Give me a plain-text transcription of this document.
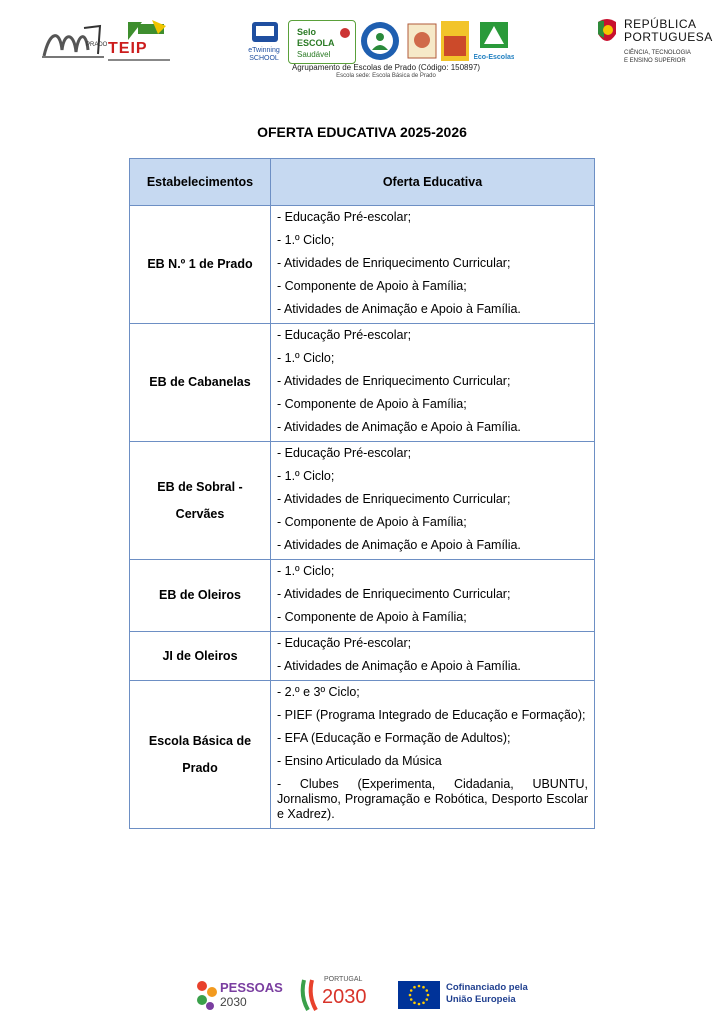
PRADO TEIP	eTwinning
SCHOOL
Selo
ESCOLA
Saudável	Eco-Escolas
Agrupamento de Escolas de Prado (Código: 150897)
Escola sede: Escola Básica de Prado
REPÚBLICA
PORTUGUESA
CIÊNCIA, TECNOLOGIA
E ENSINO SUPERIOR
OFERTA EDUCATIVA 2025-2026
Estabelecimentos	Oferta Educativa
EB N.º 1 de Prado	- Educação Pré-escolar;
- 1.º Ciclo;
- Atividades de Enriquecimento Curricular;
- Componente de Apoio à Família;
- Atividades de Animação e Apoio à Família.

EB de Cabanelas	- Educação Pré-escolar;
- 1.º Ciclo;
- Atividades de Enriquecimento Curricular;
- Componente de Apoio à Família;
- Atividades de Animação e Apoio à Família.

EB de Sobral - Cervães	- Educação Pré-escolar;
- 1.º Ciclo;
- Atividades de Enriquecimento Curricular;
- Componente de Apoio à Família;
- Atividades de Animação e Apoio à Família.

EB de Oleiros	- 1.º Ciclo;
- Atividades de Enriquecimento Curricular;
- Componente de Apoio à Família;

JI de Oleiros	- Educação Pré-escolar;
- Atividades de Animação e Apoio à Família.

Escola Básica de Prado	- 2.º e 3º Ciclo;
- PIEF (Programa Integrado de Educação e Formação);
- EFA (Educação e Formação de Adultos);
- Ensino Articulado da Música
- Clubes (Experimenta, Cidadania, UBUNTU, Jornalismo, Programação e Robótica, Desporto Escolar e Xadrez).
PESSOAS
2030
PORTUGAL
2030	Cofinanciado pela
União Europeia
